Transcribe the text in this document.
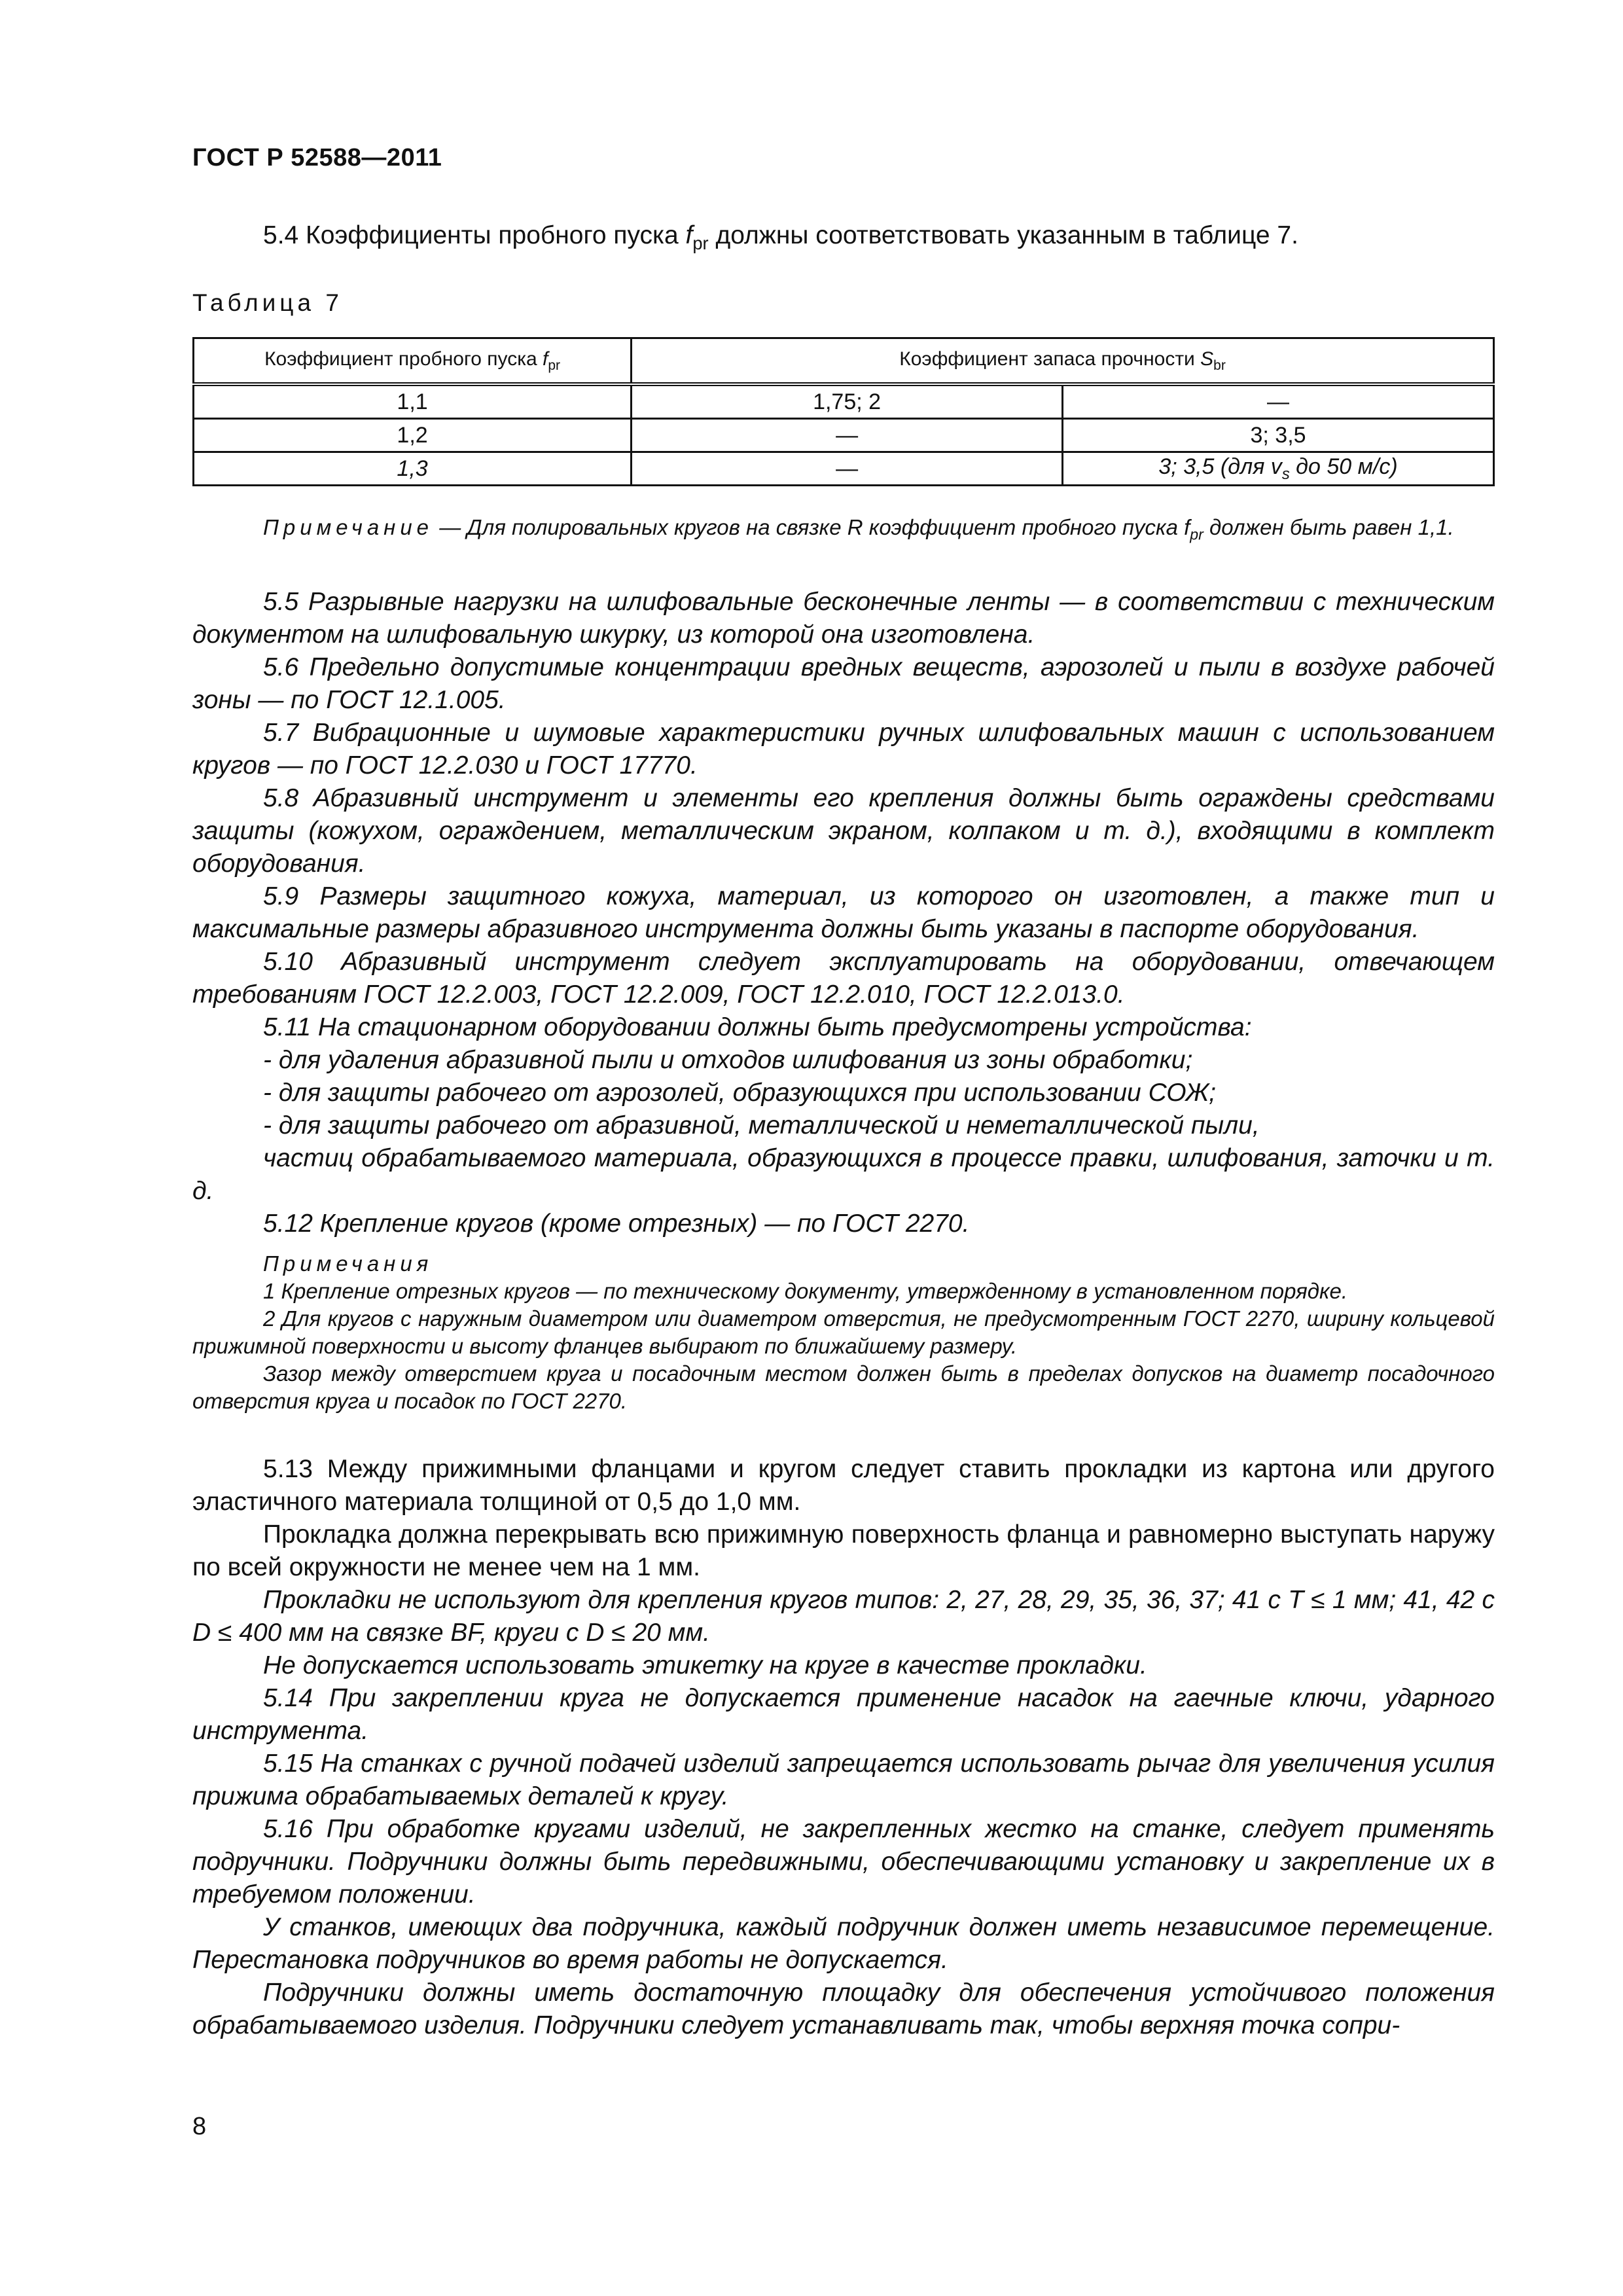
ГОСТ Р 52588—2011
5.4 Коэффициенты пробного пуска $f_{pr}$ должны соответствовать указанным в таблице 7.
Таблица 7
Коэффициент пробного пуска $f_{pr}$	Коэффициент запаса прочности $S_{br}$
1,1	1,75; 2	—
1,2	—	3; 3,5
1,3	—	3; 3,5 (для $v_s$ до 50 м/с)
Примечание — Для полировальных кругов на связке R коэффициент пробного пуска $f_{pr}$ должен быть равен 1,1.
5.5 Разрывные нагрузки на шлифовальные бесконечные ленты — в соответствии с техническим документом на шлифовальную шкурку, из которой она изготовлена.
5.6 Предельно допустимые концентрации вредных веществ, аэрозолей и пыли в воздухе рабочей зоны — по ГОСТ 12.1.005.
5.7 Вибрационные и шумовые характеристики ручных шлифовальных машин с использованием кругов — по ГОСТ 12.2.030 и ГОСТ 17770.
5.8 Абразивный инструмент и элементы его крепления должны быть ограждены средствами защиты (кожухом, ограждением, металлическим экраном, колпаком и т. д.), входящими в комплект оборудования.
5.9 Размеры защитного кожуха, материал, из которого он изготовлен, а также тип и максимальные размеры абразивного инструмента должны быть указаны в паспорте оборудования.
5.10 Абразивный инструмент следует эксплуатировать на оборудовании, отвечающем требованиям ГОСТ 12.2.003, ГОСТ 12.2.009, ГОСТ 12.2.010, ГОСТ 12.2.013.0.
5.11 На стационарном оборудовании должны быть предусмотрены устройства:
- для удаления абразивной пыли и отходов шлифования из зоны обработки;
- для защиты рабочего от аэрозолей, образующихся при использовании СОЖ;
- для защиты рабочего от абразивной, металлической и неметаллической пыли,
частиц обрабатываемого материала, образующихся в процессе правки, шлифования, заточки и т. д.
5.12 Крепление кругов (кроме отрезных) — по ГОСТ 2270.
Примечания
1 Крепление отрезных кругов — по техническому документу, утвержденному в установленном порядке.
2 Для кругов с наружным диаметром или диаметром отверстия, не предусмотренным ГОСТ 2270, ширину кольцевой прижимной поверхности и высоту фланцев выбирают по ближайшему размеру.
Зазор между отверстием круга и посадочным местом должен быть в пределах допусков на диаметр посадочного отверстия круга и посадок по ГОСТ 2270.
5.13 Между прижимными фланцами и кругом следует ставить прокладки из картона или другого эластичного материала толщиной от 0,5 до 1,0 мм.
Прокладка должна перекрывать всю прижимную поверхность фланца и равномерно выступать наружу по всей окружности не менее чем на 1 мм.
Прокладки не используют для крепления кругов типов: 2, 27, 28, 29, 35, 36, 37; 41 с T ≤ 1 мм; 41, 42 с D ≤ 400 мм на связке BF, круги с D ≤ 20 мм.
Не допускается использовать этикетку на круге в качестве прокладки.
5.14 При закреплении круга не допускается применение насадок на гаечные ключи, ударного инструмента.
5.15 На станках с ручной подачей изделий запрещается использовать рычаг для увеличения усилия прижима обрабатываемых деталей к кругу.
5.16 При обработке кругами изделий, не закрепленных жестко на станке, следует применять подручники. Подручники должны быть передвижными, обеспечивающими установку и закрепление их в требуемом положении.
У станков, имеющих два подручника, каждый подручник должен иметь независимое перемещение. Перестановка подручников во время работы не допускается.
Подручники должны иметь достаточную площадку для обеспечения устойчивого положения обрабатываемого изделия. Подручники следует устанавливать так, чтобы верхняя точка сопри-
8
